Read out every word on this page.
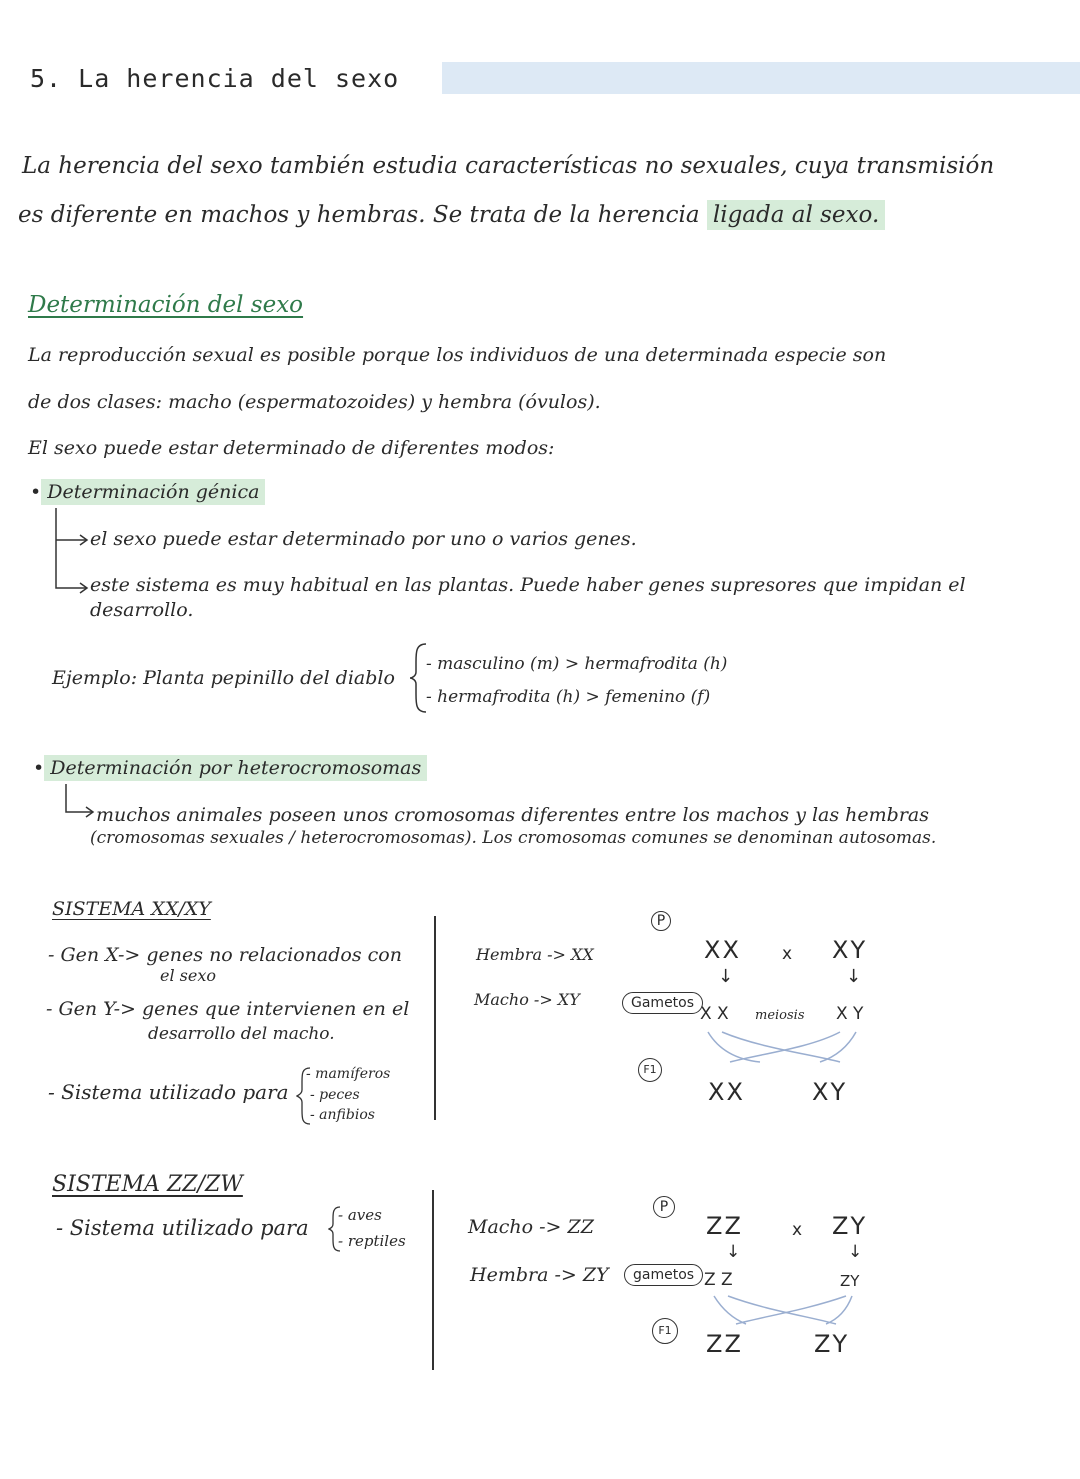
5. La herencia del sexo
La herencia del sexo también estudia características no sexuales, cuya transmisión
es diferente en machos y hembras. Se trata de la herencia ligada al sexo.
Determinación del sexo
La reproducción sexual es posible porque los individuos de una determinada especie son
de dos clases: macho (espermatozoides) y hembra (óvulos).
El sexo puede estar determinado de diferentes modos:
• Determinación génica
el sexo puede estar determinado por uno o varios genes.
este sistema es muy habitual en las plantas. Puede haber genes supresores que impidan el
desarrollo.
Ejemplo: Planta pepinillo del diablo
- masculino (m) > hermafrodita (h)
- hermafrodita (h) > femenino (f)
• Determinación por heterocromosomas
muchos animales poseen unos cromosomas diferentes entre los machos y las hembras
(cromosomas sexuales / heterocromosomas). Los cromosomas comunes se denominan autosomas.
SISTEMA XX/XY
- Gen X-> genes no relacionados con
el sexo
- Gen Y-> genes que intervienen en el
desarrollo del macho.
- Sistema utilizado para
- mamíferos
- peces
- anfibios
Hembra -> XX
Macho -> XY
P
Gametos
F1
XX x XY
↓	↓
X X meiosis X Y
XX	XY
SISTEMA ZZ/ZW
- Sistema utilizado para
- aves
- reptiles
Macho -> ZZ
Hembra -> ZY
P
gametos
F1
ZZ	x ZY
↓	↓
Z Z	ZY
ZZ	ZY
